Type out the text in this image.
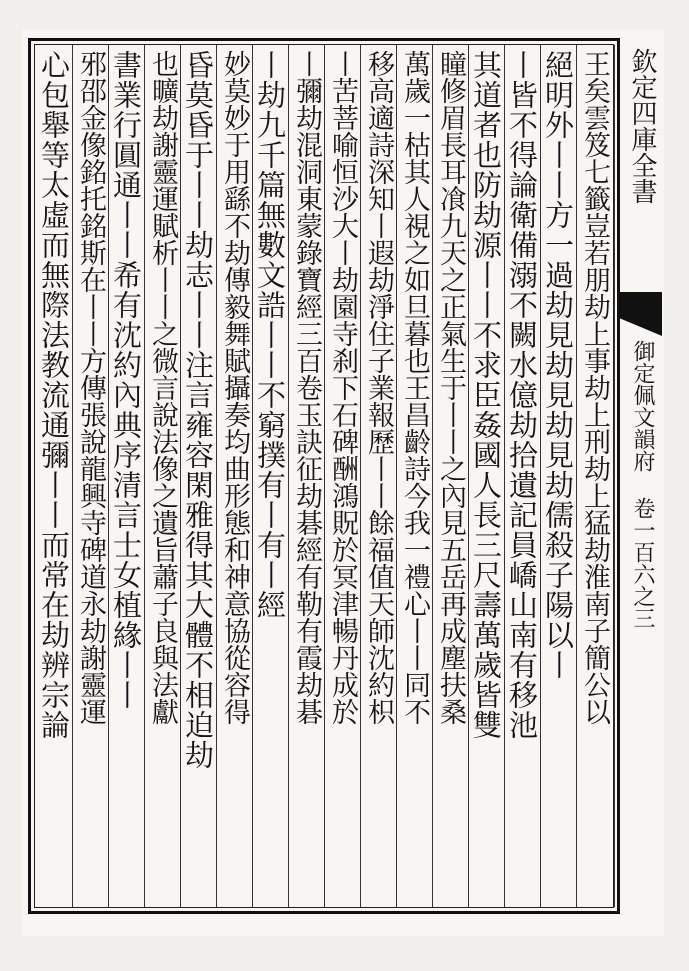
欽定四庫全書
御定佩文韻府 卷一百六之三
王矣雲笈七籤豈若朋劫上事劫上刑劫上猛劫淮南子簡公以
絕明外丨丨方一過劫見劫見劫見劫儒殺子陽以丨
丨皆不得論衛備溺不闕水億劫拾遺記員嶠山南有移池
其道者也防劫源丨丨不求臣姦國人長三尺壽萬歲皆雙
瞳修眉長耳飡九天之正氣生于丨丨之內見五岳再成塵扶桑
萬歲一枯其人視之如旦暮也王昌齡詩今我一禮心丨丨同不
移高適詩深知丨遐劫淨住子業報歷丨丨餘福值天師沈約枳
丨苦菩喻恒沙大丨劫園寺刹下石碑酬鴻貺於冥津暢丹成於
丨彌劫混洞東蒙錄寶經三百卷玉訣征劫碁經有勒有霞劫碁
丨劫九千篇無數文誥丨丨不窮撲有丨有丨經
妙莫妙于用繇不劫傳毅舞賦攝奏均曲形態和神意協從容得
昏莫昏于丨丨劫志丨丨注言雍容閑雅得其大體不相迫劫
也曠劫謝靈運賦析丨丨之微言說法像之遺旨蕭子良與法獻
書業行圓通丨丨希有沈約內典序清言士女植緣丨丨
邪邵金像銘托銘斯在丨丨方傳張說龍興寺碑道永劫謝靈運
心包舉等太虛而無際法教流通彌丨丨而常在劫辨宗論
